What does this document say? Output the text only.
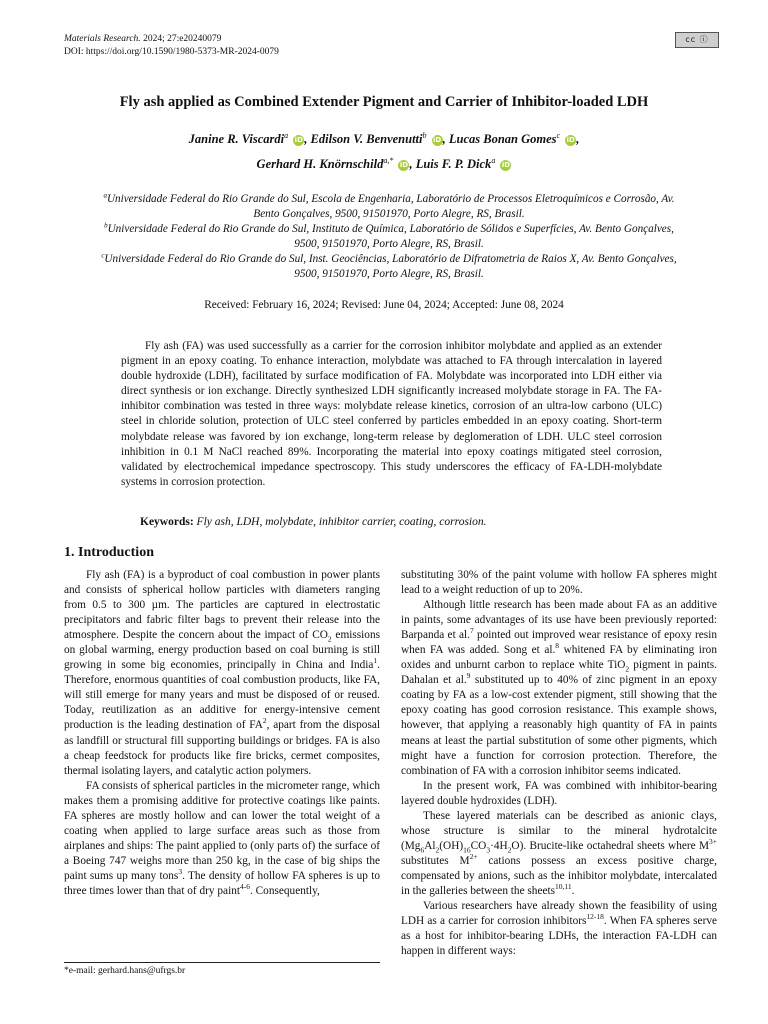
Materials Research. 2024; 27:e20240079
DOI: https://doi.org/10.1590/1980-5373-MR-2024-0079
cc ⓘ
Fly ash applied as Combined Extender Pigment and Carrier of Inhibitor-loaded LDH
Janine R. Viscardi$^a$ iD, Edilson V. Benvenutti$^b$ iD, Lucas Bonan Gomes$^c$ iD,
Gerhard H. Knörnschild$^{a,*}$ iD, Luis F. P. Dick$^a$ iD
$^a$Universidade Federal do Rio Grande do Sul, Escola de Engenharia, Laboratório de Processos Eletroquímicos e Corrosão, Av. Bento Gonçalves, 9500, 91501970, Porto Alegre, RS, Brasil.
$^b$Universidade Federal do Rio Grande do Sul, Instituto de Química, Laboratório de Sólidos e Superfícies, Av. Bento Gonçalves, 9500, 91501970, Porto Alegre, RS, Brasil.
$^c$Universidade Federal do Rio Grande do Sul, Inst. Geociências, Laboratório de Difratometria de Raios X, Av. Bento Gonçalves, 9500, 91501970, Porto Alegre, RS, Brasil.
Received: February 16, 2024; Revised: June 04, 2024; Accepted: June 08, 2024
Fly ash (FA) was used successfully as a carrier for the corrosion inhibitor molybdate and applied as an extender pigment in an epoxy coating. To enhance interaction, molybdate was attached to FA through intercalation in layered double hydroxide (LDH), facilitated by surface modification of FA. Molybdate was incorporated into LDH either via direct synthesis or ion exchange. Directly synthesized LDH significantly increased molybdate storage in FA. The FA-inhibitor combination was tested in three ways: molybdate release kinetics, corrosion of an ultra-low carbono (ULC) steel in chloride solution, protection of ULC steel conferred by particles embedded in an epoxy coating. Short-term molybdate release was favored by ion exchange, long-term release by deglomeration of LDH. ULC steel corrosion inhibition in 0.1 M NaCl reached 89%. Incorporating the material into epoxy coatings mitigated steel corrosion, validated by electrochemical impedance spectroscopy. This study underscores the efficacy of FA-LDH-molybdate systems in corrosion protection.
Keywords: Fly ash, LDH, molybdate, inhibitor carrier, coating, corrosion.
1. Introduction

Fly ash (FA) is a byproduct of coal combustion in power plants and consists of spherical hollow particles with diameters ranging from 0.5 to 300 µm. The particles are captured in electrostatic precipitators and fabric filter bags to prevent their release into the atmosphere. Despite the concern about the impact of $CO_2$ emissions on global warming, energy production based on coal burning is still growing in some big economies, principally in China and India$^1$. Therefore, enormous quantities of coal combustion products, like FA, will still emerge for many years and must be disposed of or reused. Today, reutilization as an additive for energy-intensive cement production is the leading destination of $FA^2$, apart from the disposal as landfill or structural fill supporting buildings or bridges. FA is also a cheap feedstock for products like fire bricks, cermet composites, thermal isolating layers, and catalytic action polymers.

FA consists of spherical particles in the micrometer range, which makes them a promising additive for protective coatings like paints. FA spheres are mostly hollow and can lower the total weight of a coating when applied to large surface areas such as those from airplanes and ships: The paint applied to (only parts of) the surface of a Boeing 747 weighs more than 250 kg, in the case of big ships the paint sums up many tons$^3$. The density of hollow FA spheres is up to three times lower than that of dry paint$^{4-6}$. Consequently,

substituting 30% of the paint volume with hollow FA spheres might lead to a weight reduction of up to 20%.

Although little research has been made about FA as an additive in paints, some advantages of its use have been previously reported: Barpanda et al.$^7$ pointed out improved wear resistance of epoxy resin when FA was added. Song et al.$^8$ whitened FA by eliminating iron oxides and unburnt carbon to replace white TiO$_2$ pigment in paints. Dahalan et al.$^9$ substituted up to 40% of zinc pigment in an epoxy coating by FA as a low-cost extender pigment, still showing that the epoxy coating has good corrosion resistance. This example shows, however, that applying a reasonably high quantity of FA in paints means at least the partial substitution of some other pigments, which might have a function for corrosion protection. Therefore, the combination of FA with a corrosion inhibitor seems indicated.

In the present work, FA was combined with inhibitor-bearing layered double hydroxides (LDH).

These layered materials can be described as anionic clays, whose structure is similar to the mineral hydrotalcite $(Mg_6Al_2(OH)_{16}CO_3\cdot 4H_2O)$. Brucite-like octahedral sheets where $M^{3+}$ substitutes $M^{2+}$ cations possess an excess positive charge, compensated by anions, such as the inhibitor molybdate, intercalated in the galleries between the sheets$^{10,11}$.

Various researchers have already shown the feasibility of using LDH as a carrier for corrosion inhibitors$^{12-18}$. When FA spheres serve as a host for inhibitor-bearing LDHs, the interaction FA-LDH can happen in different ways:

*e-mail: gerhard.hans@ufrgs.br
